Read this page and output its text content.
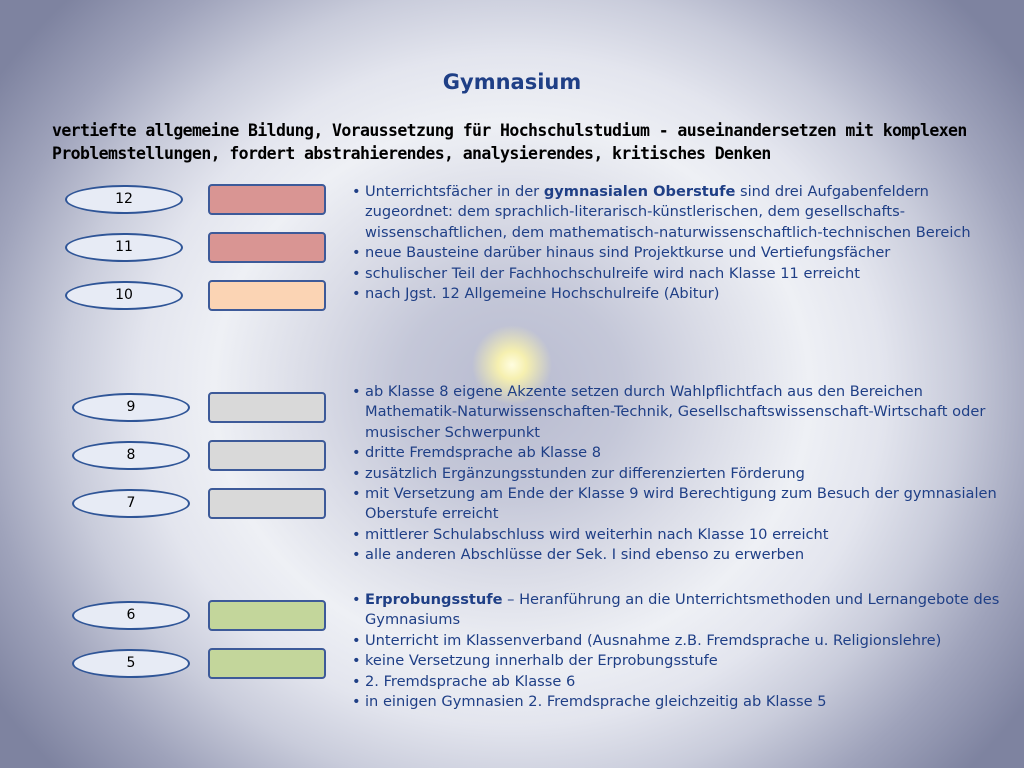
Gymnasium
vertiefte allgemeine Bildung, Voraussetzung für Hochschulstudium - auseinandersetzen mit komplexen Problemstellungen, fordert abstrahierendes, analysierendes, kritisches Denken
12
11
10
9
8
7
6
5
• Unterrichtsfächer in der gymnasialen Oberstufe sind drei Aufgabenfeldern zugeordnet: dem sprachlich-literarisch-künstlerischen, dem gesellschafts-wissenschaftlichen, dem mathematisch-naturwissenschaftlich-technischen Bereich
• neue Bausteine darüber hinaus sind Projektkurse und Vertiefungsfächer
• schulischer Teil der Fachhochschulreife wird nach Klasse 11 erreicht
• nach Jgst. 12 Allgemeine Hochschulreife (Abitur)
• ab Klasse 8 eigene Akzente setzen durch Wahlpflichtfach aus den Bereichen Mathematik-Naturwissenschaften-Technik, Gesellschaftswissenschaft-Wirtschaft oder musischer Schwerpunkt
• dritte Fremdsprache ab Klasse 8
• zusätzlich Ergänzungsstunden zur differenzierten Förderung
• mit Versetzung am Ende der Klasse 9 wird Berechtigung zum Besuch der gymnasialen Oberstufe erreicht
• mittlerer Schulabschluss wird weiterhin nach Klasse 10 erreicht
• alle anderen Abschlüsse der Sek. I sind ebenso zu erwerben
• Erprobungsstufe – Heranführung an die Unterrichtsmethoden und Lernangebote des Gymnasiums
• Unterricht im Klassenverband (Ausnahme z.B. Fremdsprache u. Religionslehre)
• keine Versetzung innerhalb der Erprobungsstufe
• 2. Fremdsprache ab Klasse 6
• in einigen Gymnasien 2. Fremdsprache gleichzeitig ab Klasse 5
